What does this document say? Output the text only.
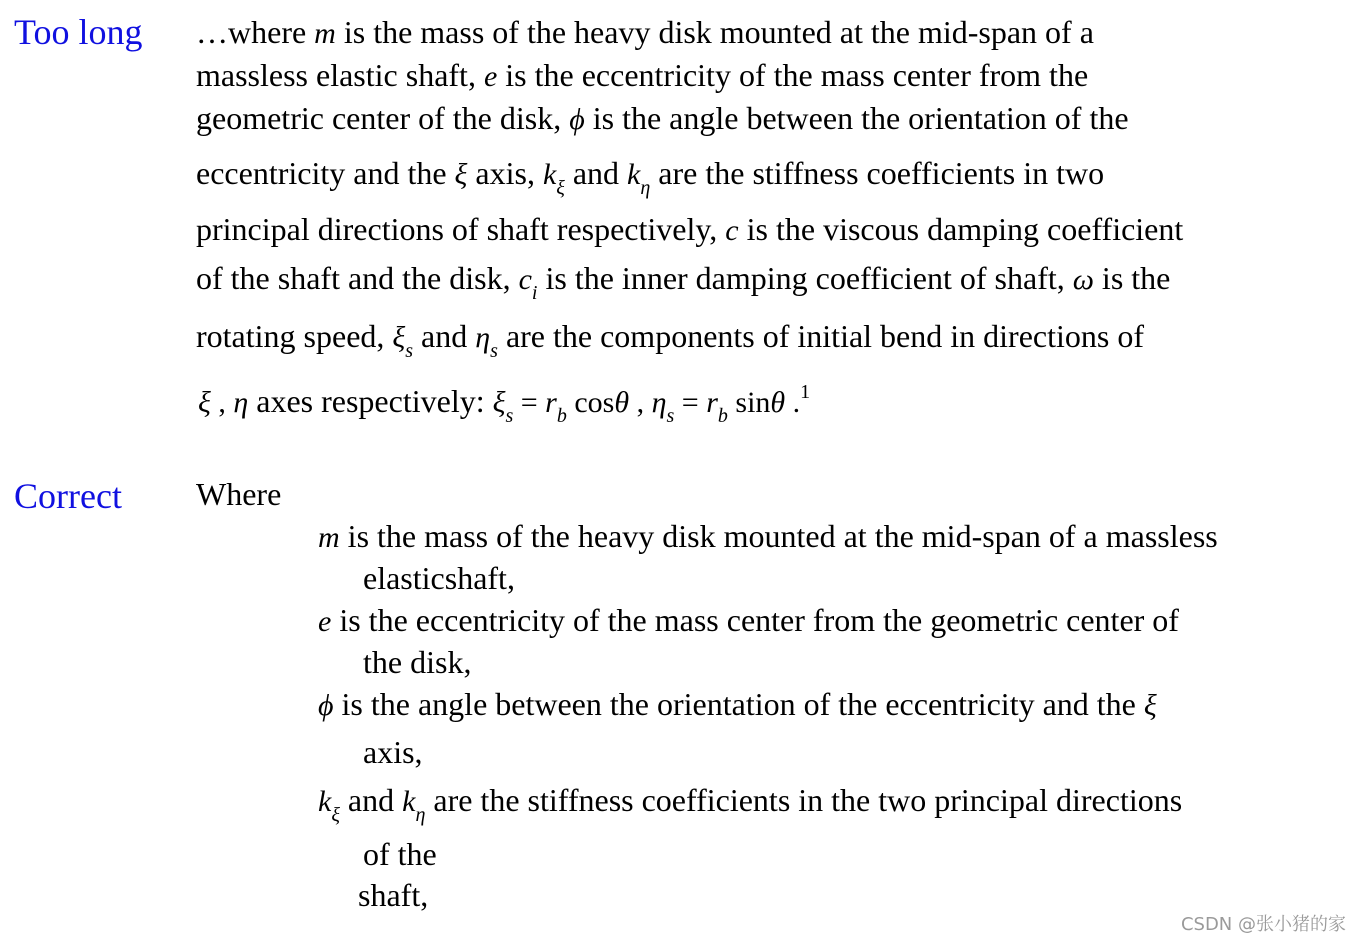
Too long
Correct
…where m is the mass of the heavy disk mounted at the mid-span of a
massless elastic shaft, e is the eccentricity of the mass center from the
geometric center of the disk, ϕ is the angle between the orientation of the
eccentricity and the ξ axis, $k_\xi$ and $k_\eta$ are the stiffness coefficients in two
principal directions of shaft respectively, c is the viscous damping coefficient
of the shaft and the disk, $c_i$ is the inner damping coefficient of shaft, ω is the
rotating speed, $\xi_s$ and $\eta_s$ are the components of initial bend in directions of
ξ , η axes respectively: $\xi_s = r_b$ cosθ , $\eta_s = r_b$ sinθ .$^1$
Where
m is the mass of the heavy disk mounted at the mid-span of a massless
elasticshaft,
e is the eccentricity of the mass center from the geometric center of
the disk,
ϕ is the angle between the orientation of the eccentricity and the ξ
axis,
$k_\xi$ and $k_\eta$ are the stiffness coefficients in the two principal directions
of the
shaft,
CSDN @张小猪的家
